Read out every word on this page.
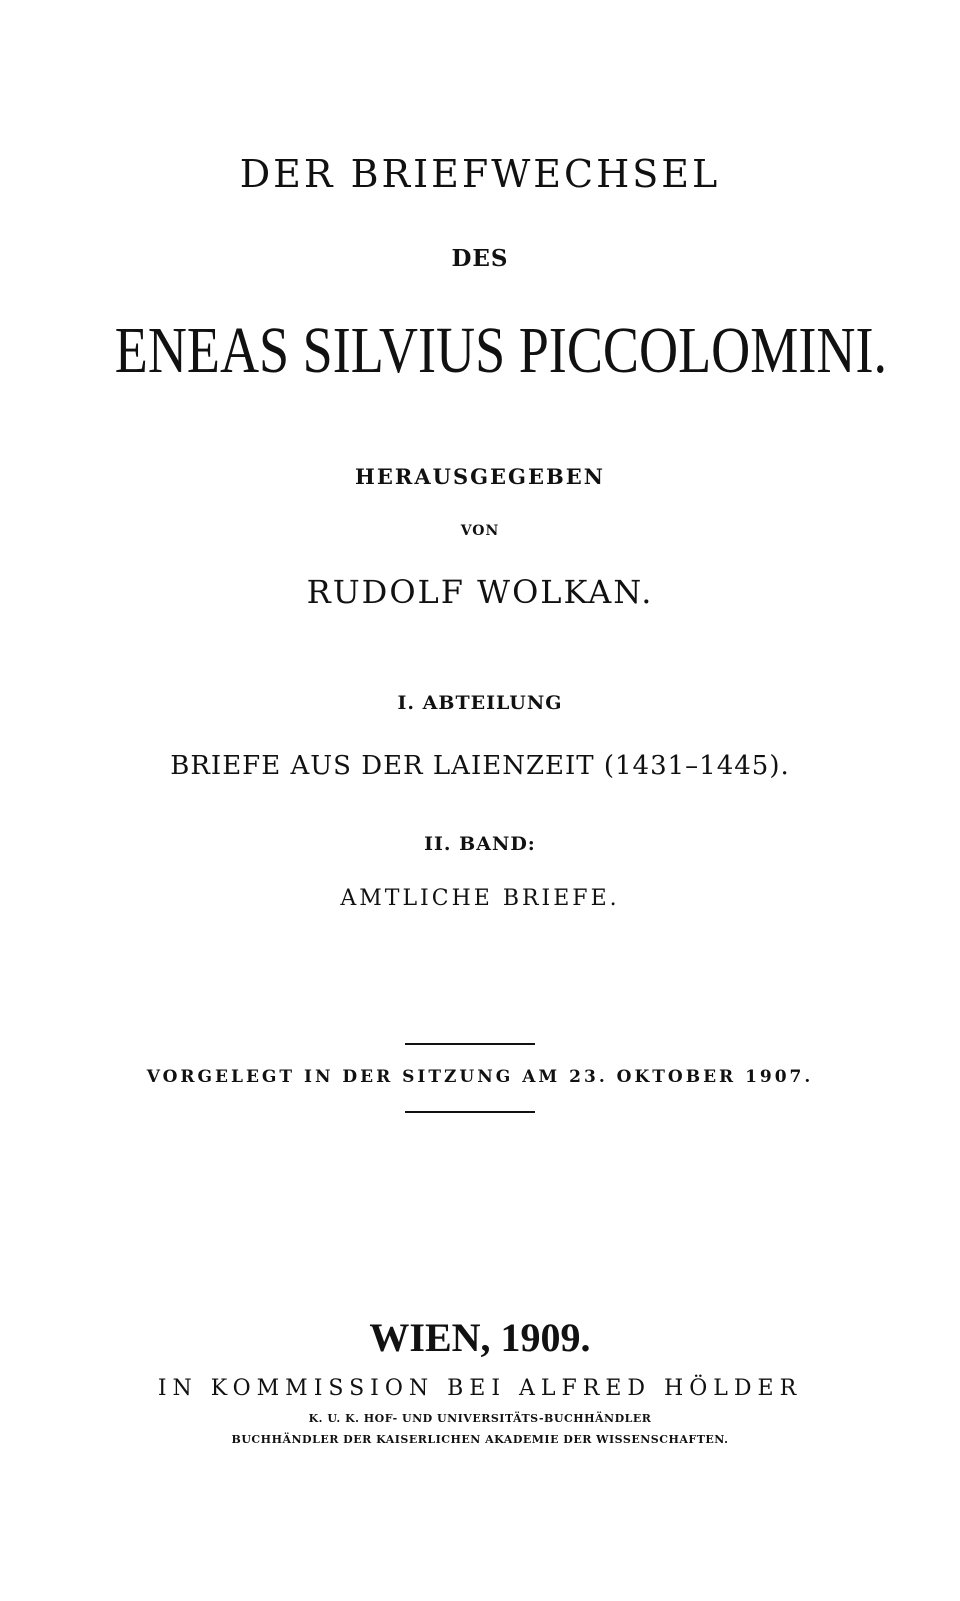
DER BRIEFWECHSEL
DES
ENEAS SILVIUS PICCOLOMINI.
HERAUSGEGEBEN
VON
RUDOLF WOLKAN.
I. ABTEILUNG
BRIEFE AUS DER LAIENZEIT (1431–1445).
II. BAND:
AMTLICHE BRIEFE.
VORGELEGT IN DER SITZUNG AM 23. OKTOBER 1907.
WIEN, 1909.
IN KOMMISSION BEI ALFRED HÖLDER
K. U. K. HOF- UND UNIVERSITÄTS-BUCHHÄNDLER
BUCHHÄNDLER DER KAISERLICHEN AKADEMIE DER WISSENSCHAFTEN.
